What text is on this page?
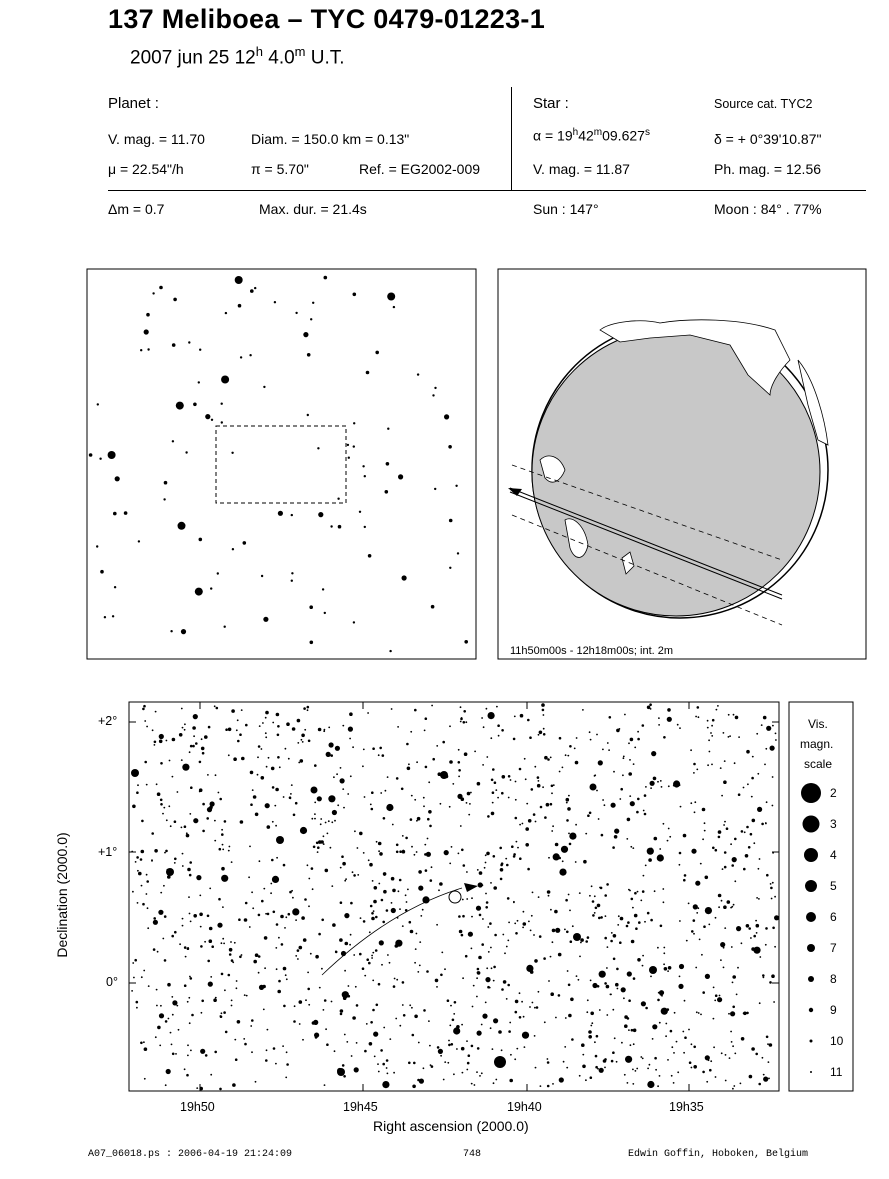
137 Meliboea – TYC 0479-01223-1
2007 jun 25 12$^h$ 4.0$^m$ U.T.
Planet :
V. mag. = 11.70	Diam. = 150.0 km = 0.13"
μ = 22.54"/h	π = 5.70"	Ref. = EG2002-009
Δm = 0.7	Max. dur. = 21.4s
Star :	Source cat. TYC2
$\alpha = 19^h42^m09.627^s$	δ = + 0°39'10.87"
V. mag. = 11.87	Ph. mag. = 12.56
Sun : 147°	Moon : 84° . 77%
19h50	19h45	19h40	19h35
+2°
+1°
0°
Right ascension (2000.0)
Declination (2000.0)
11h50m00s - 12h18m00s; int. 2m
Vis.
magn.
scale
2
3
4
5
6
7
8
9
10
11
A07_06018.ps : 2006-04-19 21:24:09	748	Edwin Goffin, Hoboken, Belgium
